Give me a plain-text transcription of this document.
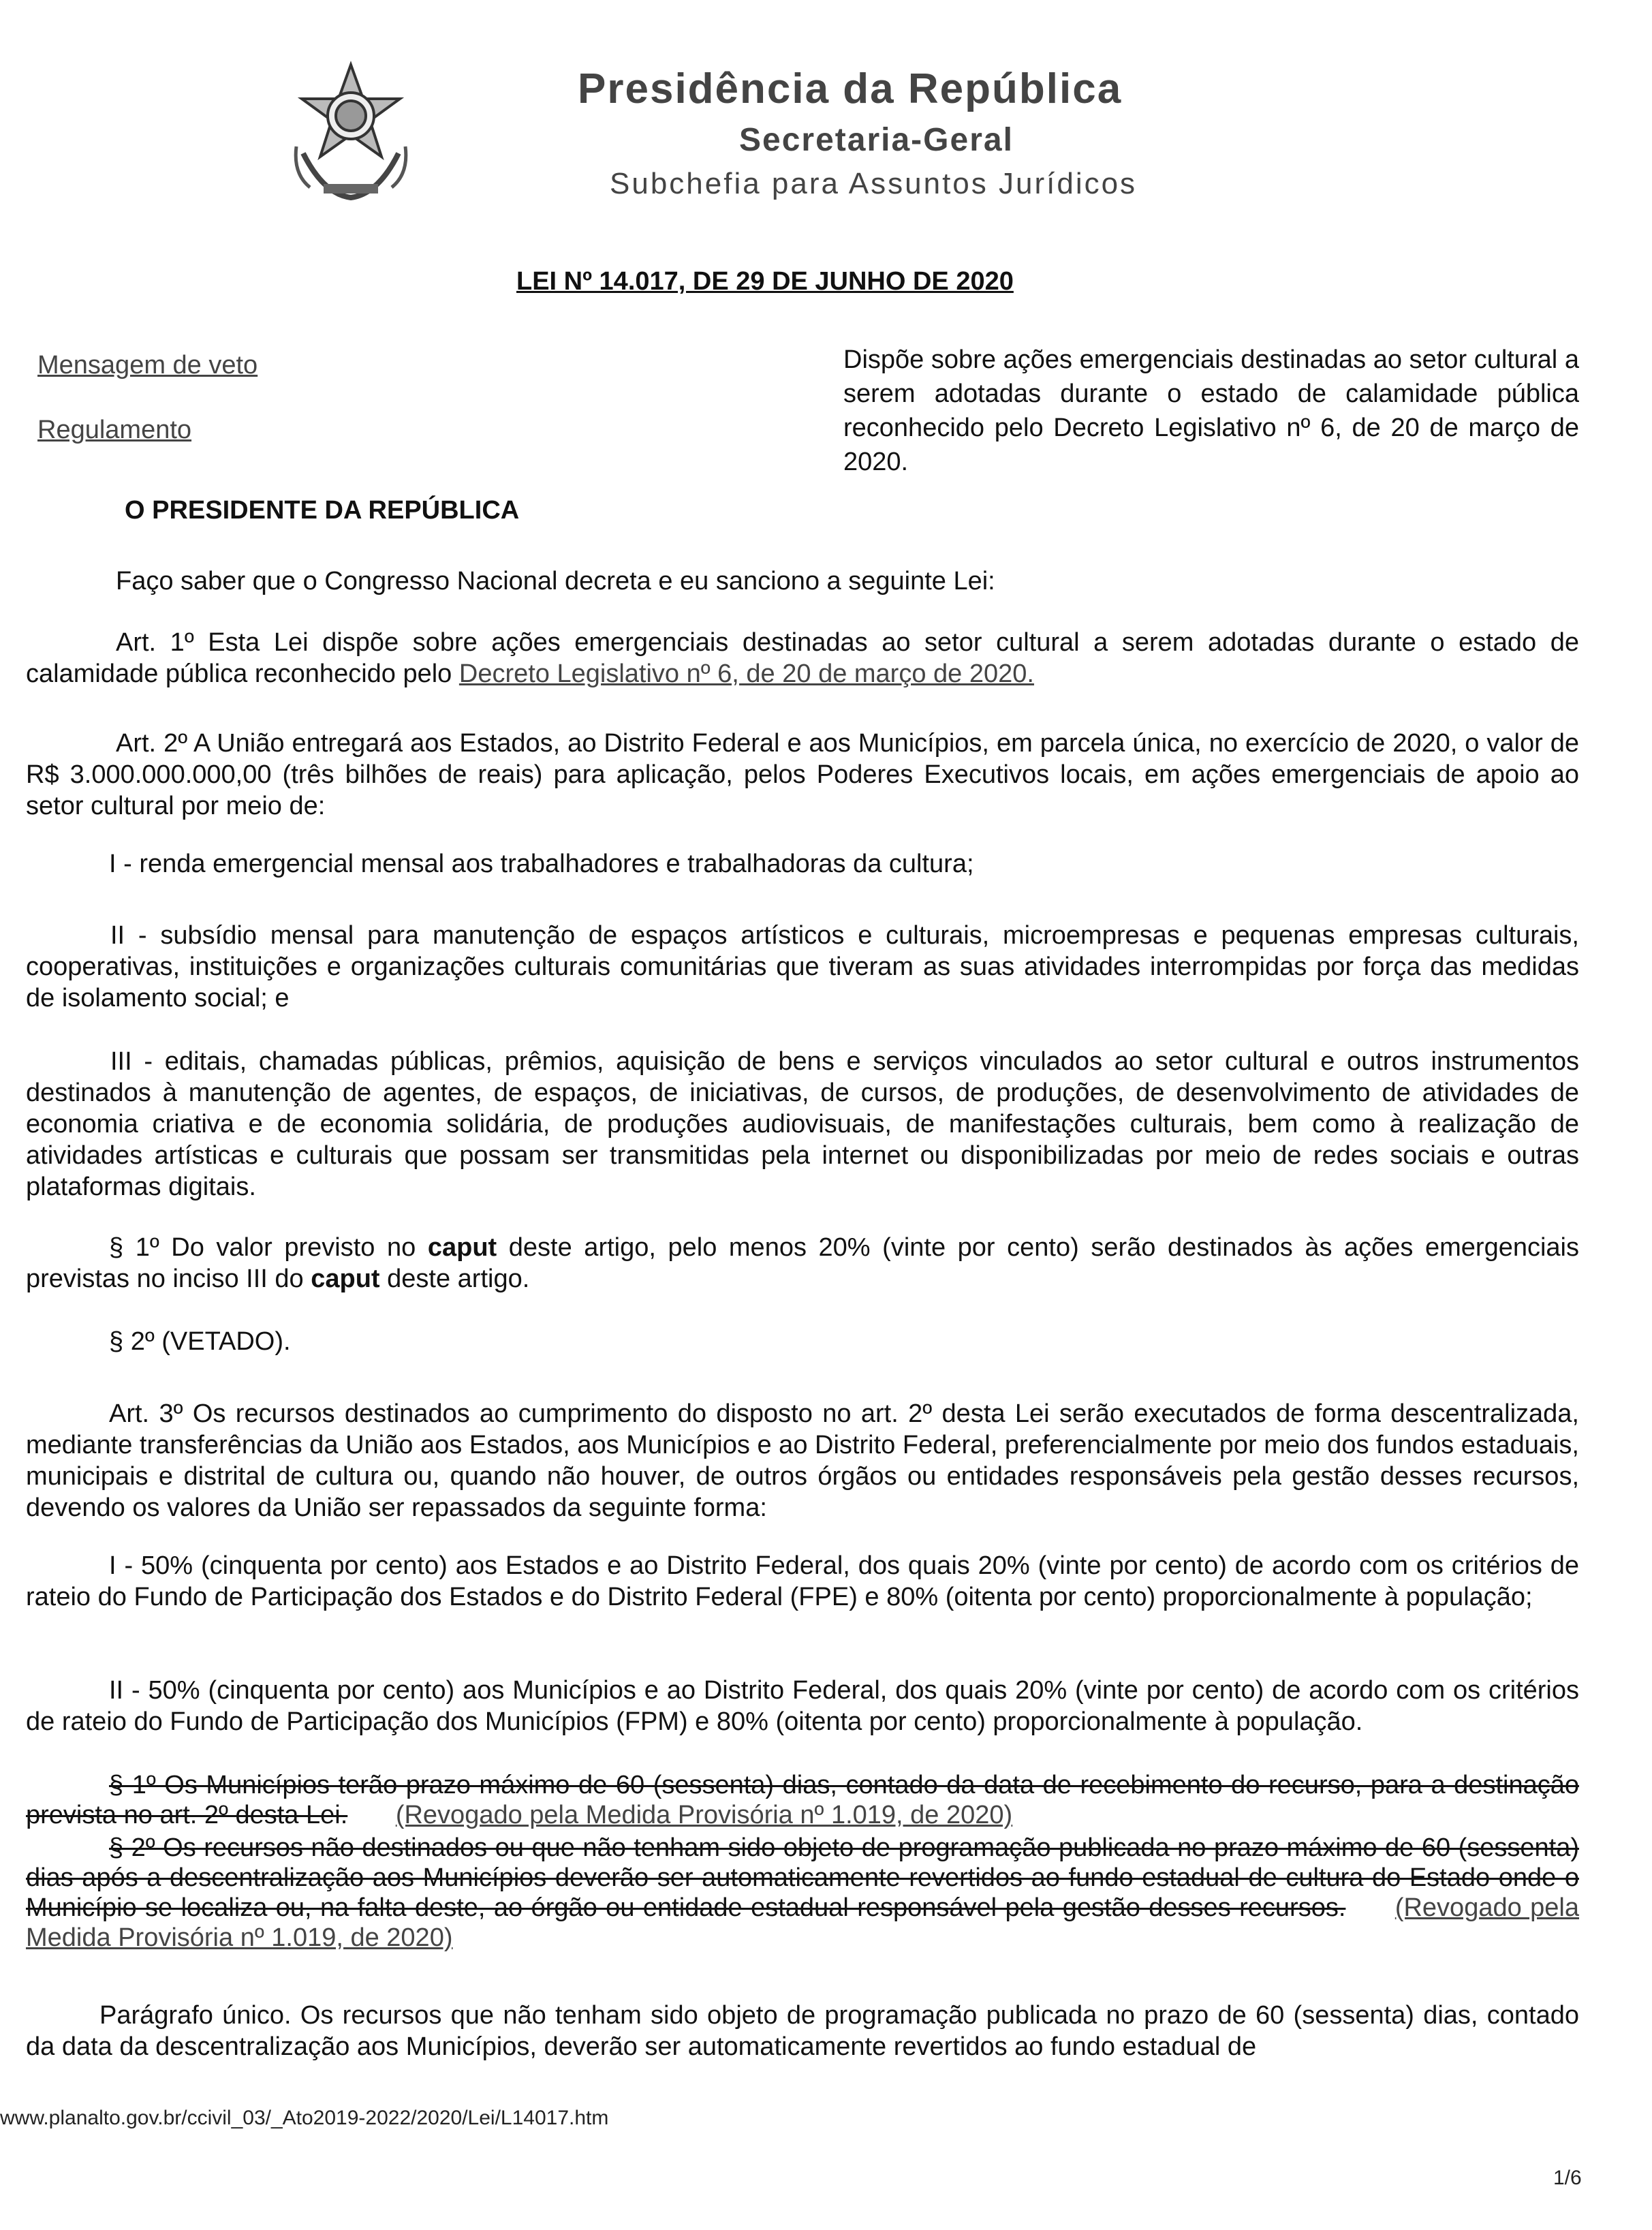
Presidência da República
Secretaria-Geral
Subchefia para Assuntos Jurídicos
LEI Nº 14.017, DE 29 DE JUNHO DE 2020
Mensagem de veto
Regulamento
Dispõe sobre ações emergenciais destinadas ao setor cultural a serem adotadas durante o estado de calamidade pública reconhecido pelo Decreto Legislativo nº 6, de 20 de março de 2020.
O PRESIDENTE DA REPÚBLICA
Faço saber que o Congresso Nacional decreta e eu sanciono a seguinte Lei:
Art. 1º Esta Lei dispõe sobre ações emergenciais destinadas ao setor cultural a serem adotadas durante o estado de calamidade pública reconhecido pelo Decreto Legislativo nº 6, de 20 de março de 2020.
Art. 2º A União entregará aos Estados, ao Distrito Federal e aos Municípios, em parcela única, no exercício de 2020, o valor de R$ 3.000.000.000,00 (três bilhões de reais) para aplicação, pelos Poderes Executivos locais, em ações emergenciais de apoio ao setor cultural por meio de:
I - renda emergencial mensal aos trabalhadores e trabalhadoras da cultura;
II - subsídio mensal para manutenção de espaços artísticos e culturais, microempresas e pequenas empresas culturais, cooperativas, instituições e organizações culturais comunitárias que tiveram as suas atividades interrompidas por força das medidas de isolamento social; e
III - editais, chamadas públicas, prêmios, aquisição de bens e serviços vinculados ao setor cultural e outros instrumentos destinados à manutenção de agentes, de espaços, de iniciativas, de cursos, de produções, de desenvolvimento de atividades de economia criativa e de economia solidária, de produções audiovisuais, de manifestações culturais, bem como à realização de atividades artísticas e culturais que possam ser transmitidas pela internet ou disponibilizadas por meio de redes sociais e outras plataformas digitais.
§ 1º Do valor previsto no caput deste artigo, pelo menos 20% (vinte por cento) serão destinados às ações emergenciais previstas no inciso III do caput deste artigo.
§ 2º (VETADO).
Art. 3º Os recursos destinados ao cumprimento do disposto no art. 2º desta Lei serão executados de forma descentralizada, mediante transferências da União aos Estados, aos Municípios e ao Distrito Federal, preferencialmente por meio dos fundos estaduais, municipais e distrital de cultura ou, quando não houver, de outros órgãos ou entidades responsáveis pela gestão desses recursos, devendo os valores da União ser repassados da seguinte forma:
I - 50% (cinquenta por cento) aos Estados e ao Distrito Federal, dos quais 20% (vinte por cento) de acordo com os critérios de rateio do Fundo de Participação dos Estados e do Distrito Federal (FPE) e 80% (oitenta por cento) proporcionalmente à população;
II - 50% (cinquenta por cento) aos Municípios e ao Distrito Federal, dos quais 20% (vinte por cento) de acordo com os critérios de rateio do Fundo de Participação dos Municípios (FPM) e 80% (oitenta por cento) proporcionalmente à população.
§ 1º Os Municípios terão prazo máximo de 60 (sessenta) dias, contado da data de recebimento do recurso, para a destinação prevista no art. 2º desta Lei. (Revogado pela Medida Provisória nº 1.019, de 2020)
§ 2º Os recursos não destinados ou que não tenham sido objeto de programação publicada no prazo máximo de 60 (sessenta) dias após a descentralização aos Municípios deverão ser automaticamente revertidos ao fundo estadual de cultura do Estado onde o Município se localiza ou, na falta deste, ao órgão ou entidade estadual responsável pela gestão desses recursos. (Revogado pela Medida Provisória nº 1.019, de 2020)
Parágrafo único. Os recursos que não tenham sido objeto de programação publicada no prazo de 60 (sessenta) dias, contado da data da descentralização aos Municípios, deverão ser automaticamente revertidos ao fundo estadual de
www.planalto.gov.br/ccivil_03/_Ato2019-2022/2020/Lei/L14017.htm
1/6
